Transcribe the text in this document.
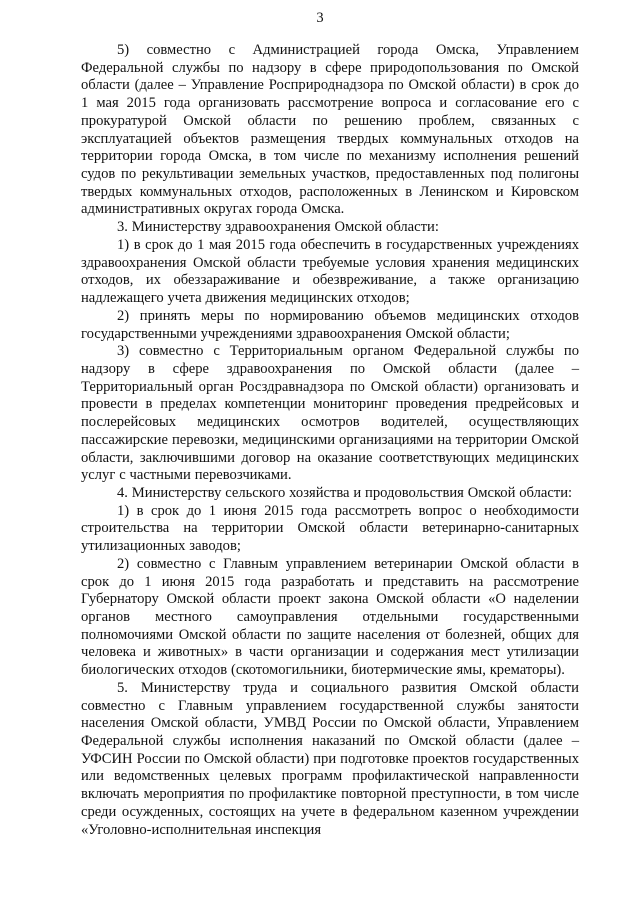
3

5) совместно с Администрацией города Омска, Управлением Федеральной службы по надзору в сфере природопользования по Омской области (далее – Управление Росприроднадзора по Омской области) в срок до 1 мая 2015 года организовать рассмотрение вопроса и согласование его с прокуратурой Омской области по решению проблем, связанных с эксплуатацией объектов размещения твердых коммунальных отходов на территории города Омска, в том числе по механизму исполнения решений судов по рекультивации земельных участков, предоставленных под полигоны твердых коммунальных отходов, расположенных в Ленинском и Кировском административных округах города Омска.

3. Министерству здравоохранения Омской области:

1) в срок до 1 мая 2015 года обеспечить в государственных учреждениях здравоохранения Омской области требуемые условия хранения медицинских отходов, их обеззараживание и обезвреживание, а также организацию надлежащего учета движения медицинских отходов;

2) принять меры по нормированию объемов медицинских отходов государственными учреждениями здравоохранения Омской области;

3) совместно с Территориальным органом Федеральной службы по надзору в сфере здравоохранения по Омской области (далее – Территориальный орган Росздравнадзора по Омской области) организовать и провести в пределах компетенции мониторинг проведения предрейсовых и послерейсовых медицинских осмотров водителей, осуществляющих пассажирские перевозки, медицинскими организациями на территории Омской области, заключившими договор на оказание соответствующих медицинских услуг с частными перевозчиками.

4. Министерству сельского хозяйства и продовольствия Омской области:

1) в срок до 1 июня 2015 года рассмотреть вопрос о необходимости строительства на территории Омской области ветеринарно-санитарных утилизационных заводов;

2) совместно с Главным управлением ветеринарии Омской области в срок до 1 июня 2015 года разработать и представить на рассмотрение Губернатору Омской области проект закона Омской области «О наделении органов местного самоуправления отдельными государственными полномочиями Омской области по защите населения от болезней, общих для человека и животных» в части организации и содержания мест утилизации биологических отходов (скотомогильники, биотермические ямы, крематоры).

5. Министерству труда и социального развития Омской области совместно с Главным управлением государственной службы занятости населения Омской области, УМВД России по Омской области, Управлением Федеральной службы исполнения наказаний по Омской области (далее – УФСИН России по Омской области) при подготовке проектов государственных или ведомственных целевых программ профилактической направленности включать мероприятия по профилактике повторной преступности, в том числе среди осужденных, состоящих на учете в федеральном казенном учреждении «Уголовно-исполнительная инспекция
